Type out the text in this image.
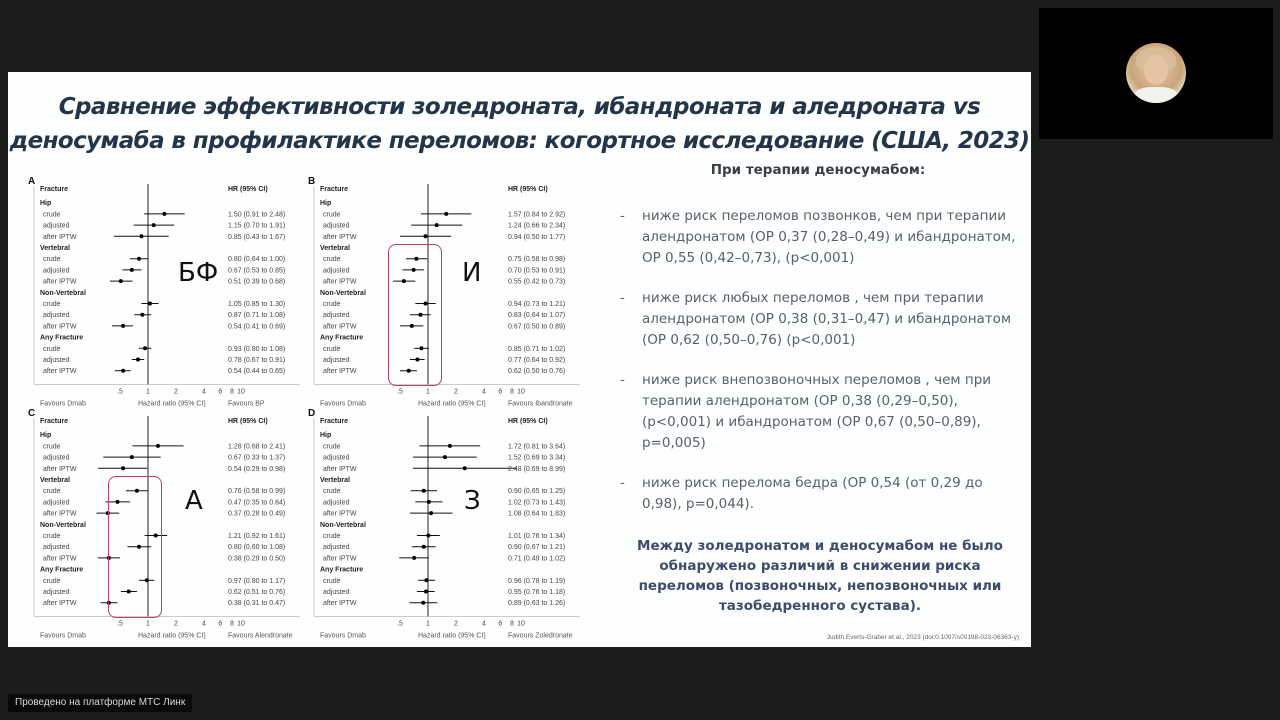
Сравнение эффективности золедроната, ибандроната и аледроната vs
деносумаба в профилактике переломов: когортное исследование (США, 2023)
A
Fracture	HR (95% CI)
Hip
crude	1.50 (0.91 to 2.48)
adjusted	1.15 (0.70 to 1.91)
after IPTW	0.85 (0.43 to 1.67)
Vertebral
crude	0.80 (0.64 to 1.00)
adjusted	0.67 (0.53 to 0.85)
after IPTW	0.51 (0.39 to 0.68)
Non-Vertebral
crude	1.05 (0.85 to 1.30)
adjusted	0.87 (0.71 to 1.08)
after IPTW	0.54 (0.41 to 0.69)
Any Fracture
crude	0.93 (0.80 to 1.08)
adjusted	0.78 (0.67 to 0.91)
after IPTW	0.54 (0.44 to 0.65)
.5	1	2	4 6 8 10
Favours Dmab	Hazard ratio (95% CI)	Favours BP
БФ
B
Fracture	HR (95% CI)
Hip
crude	1.57 (0.84 to 2.92)
adjusted	1.24 (0.66 to 2.34)
after IPTW	0.94 (0.50 to 1.77)
Vertebral
crude	0.75 (0.58 to 0.98)
adjusted	0.70 (0.53 to 0.91)
after IPTW	0.55 (0.42 to 0.73)
Non-Vertebral
crude	0.94 (0.73 to 1.21)
adjusted	0.83 (0.64 to 1.07)
after IPTW	0.67 (0.50 to 0.89)
Any Fracture
crude	0.85 (0.71 to 1.02)
adjusted	0.77 (0.64 to 0.92)
after IPTW	0.62 (0.50 to 0.76)
.5	1	2	4 6 8 10
Favours Dmab	Hazard ratio (95% CI)	Favours Ibandronate
И
C
Fracture	HR (95% CI)
Hip
crude	1.28 (0.68 to 2.41)
adjusted	0.67 (0.33 to 1.37)
after IPTW	0.54 (0.29 to 0.98)
Vertebral
crude	0.76 (0.58 to 0.99)
adjusted	0.47 (0.35 to 0.64)
after IPTW	0.37 (0.28 to 0.49)
Non-Vertebral
crude	1.21 (0.92 to 1.61)
adjusted	0.80 (0.60 to 1.08)
after IPTW	0.38 (0.29 to 0.50)
Any Fracture
crude	0.97 (0.80 to 1.17)
adjusted	0.62 (0.51 to 0.76)
after IPTW	0.38 (0.31 to 0.47)
.5	1	2	4 6 8 10
Favours Dmab	Hazard ratio (95% CI)	Favours Alendronate
А
D
Fracture	HR (95% CI)
Hip
crude	1.72 (0.81 to 3.64)
adjusted	1.52 (0.69 to 3.34)
after IPTW	2.48 (0.69 to 8.99)
Vertebral
crude	0.90 (0.65 to 1.25)
adjusted	1.02 (0.73 to 1.43)
after IPTW	1.08 (0.64 to 1.83)
Non-Vertebral
crude	1.01 (0.76 to 1.34)
adjusted	0.90 (0.67 to 1.21)
after IPTW	0.71 (0.49 to 1.02)
Any Fracture
crude	0.96 (0.78 to 1.19)
adjusted	0.95 (0.76 to 1.18)
after IPTW	0.89 (0.63 to 1.26)
.5	1	2	4 6 8 10
Favours Dmab	Hazard ratio (95% CI)	Favours Zoledronate
З
При терапии деносумабом:
- ниже риск переломов позвонков, чем при терапии алендронатом (ОР 0,37 (0,28–0,49) и ибандронатом, ОР 0,55 (0,42–0,73), (p<0,001)
- ниже риск любых переломов , чем при терапии алендронатом (ОР 0,38 (0,31–0,47) и ибандронатом (ОР 0,62 (0,50–0,76) (p<0,001)
- ниже риск внепозвоночных переломов , чем при терапии алендронатом (ОР 0,38 (0,29–0,50), (p<0,001) и ибандронатом (ОР 0,67 (0,50–0,89), p=0,005)
- ниже риск перелома бедра (ОР 0,54 (от 0,29 до 0,98), p=0,044).
Между золедронатом и деносумабом не было обнаружено различий в снижении риска переломов (позвоночных, непозвоночных или тазобедренного сустава).
Judith Everts-Graber et al., 2023 (doi:0.1007/s00198-023-06363-y)
Проведено на платформе МТС Линк
